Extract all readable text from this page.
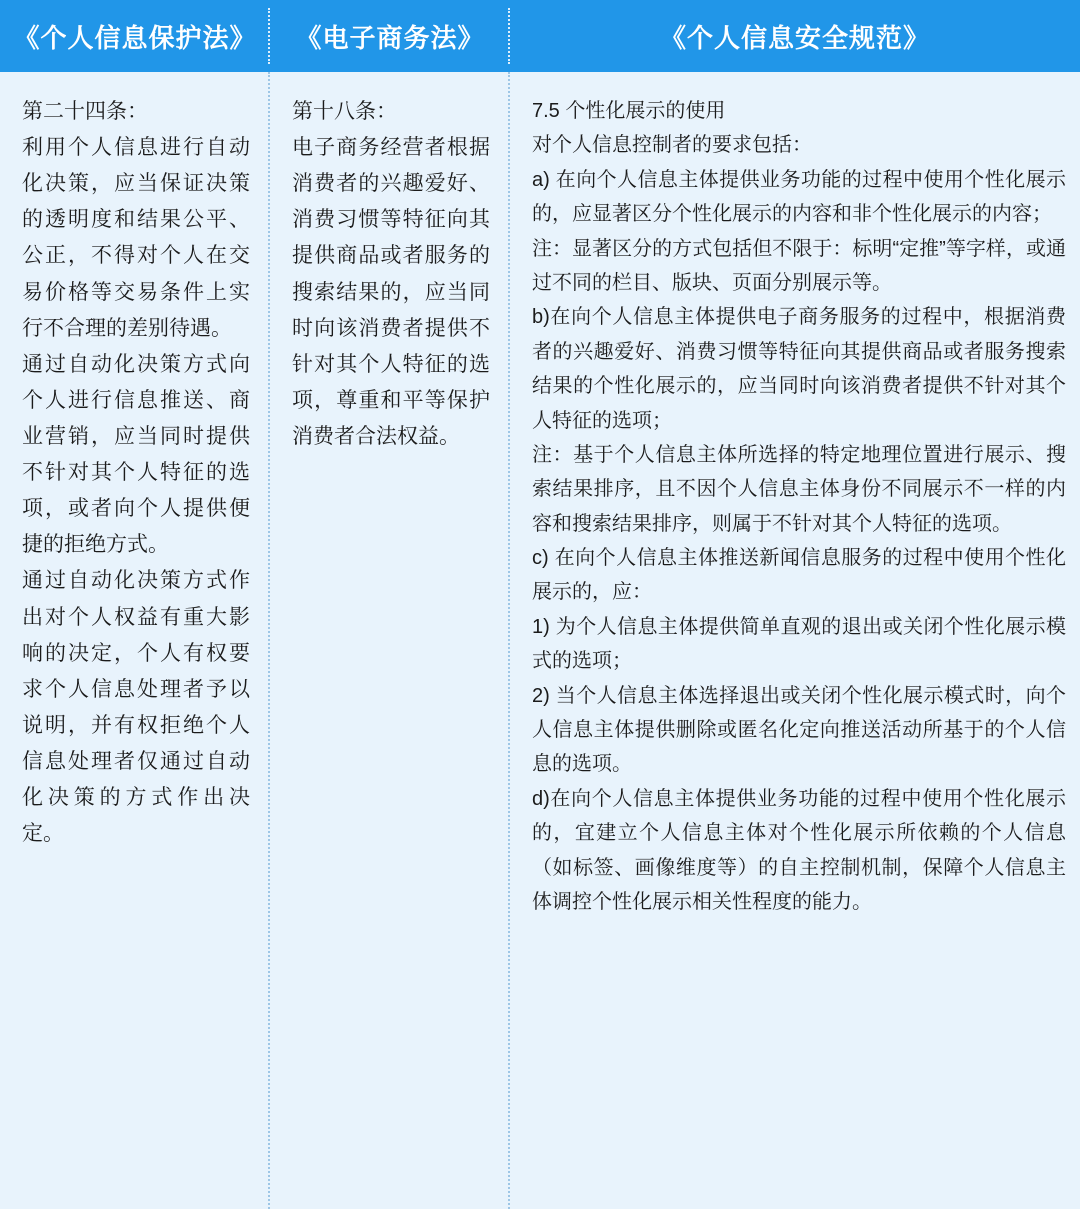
《个人信息保护法》 《电子商务法》	《个人信息安全规范》

第二十四条：

利用个人信息进行自动化决策，应当保证决策的透明度和结果公平、公正，不得对个人在交易价格等交易条件上实行不合理的差别待遇。

通过自动化决策方式向个人进行信息推送、商业营销，应当同时提供不针对其个人特征的选项，或者向个人提供便捷的拒绝方式。

通过自动化决策方式作出对个人权益有重大影响的决定，个人有权要求个人信息处理者予以说明，并有权拒绝个人信息处理者仅通过自动化决策的方式作出决定。

第十八条：

电子商务经营者根据消费者的兴趣爱好、消费习惯等特征向其提供商品或者服务的搜索结果的，应当同时向该消费者提供不针对其个人特征的选项，尊重和平等保护消费者合法权益。

7.5 个性化展示的使用

对个人信息控制者的要求包括：

a) 在向个人信息主体提供业务功能的过程中使用个性化展示的，应显著区分个性化展示的内容和非个性化展示的内容；

注：显著区分的方式包括但不限于：标明“定推”等字样，或通过不同的栏目、版块、页面分别展示等。

b)在向个人信息主体提供电子商务服务的过程中，根据消费者的兴趣爱好、消费习惯等特征向其提供商品或者服务搜索结果的个性化展示的，应当同时向该消费者提供不针对其个人特征的选项；

注：基于个人信息主体所选择的特定地理位置进行展示、搜索结果排序，且不因个人信息主体身份不同展示不一样的内容和搜索结果排序，则属于不针对其个人特征的选项。

c) 在向个人信息主体推送新闻信息服务的过程中使用个性化展示的，应：

1) 为个人信息主体提供简单直观的退出或关闭个性化展示模式的选项；

2) 当个人信息主体选择退出或关闭个性化展示模式时，向个人信息主体提供删除或匿名化定向推送活动所基于的个人信息的选项。

d)在向个人信息主体提供业务功能的过程中使用个性化展示的，宜建立个人信息主体对个性化展示所依赖的个人信息（如标签、画像维度等）的自主控制机制，保障个人信息主体调控个性化展示相关性程度的能力。
